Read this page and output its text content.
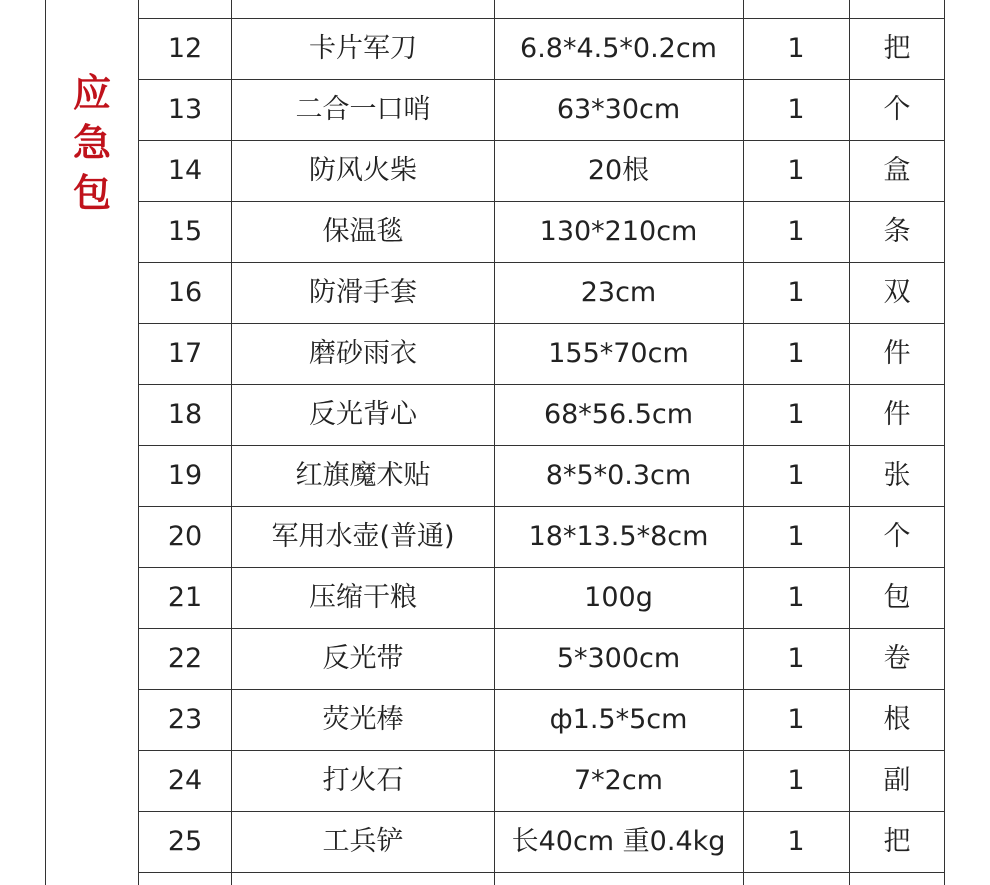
应
急
包
12	卡片军刀	6.8*4.5*0.2cm	1	把
13	二合一口哨	63*30cm	1	个
14	防风火柴	20根	1	盒
15	保温毯	130*210cm	1	条
16	防滑手套	23cm	1	双
17	磨砂雨衣	155*70cm	1	件
18	反光背心	68*56.5cm	1	件
19	红旗魔术贴	8*5*0.3cm	1	张
20	军用水壶(普通)	18*13.5*8cm	1	个
21	压缩干粮	100g	1	包
22	反光带	5*300cm	1	卷
23	荧光棒	ф1.5*5cm	1	根
24	打火石	7*2cm	1	副
25	工兵铲	长40cm 重0.4kg	1	把
